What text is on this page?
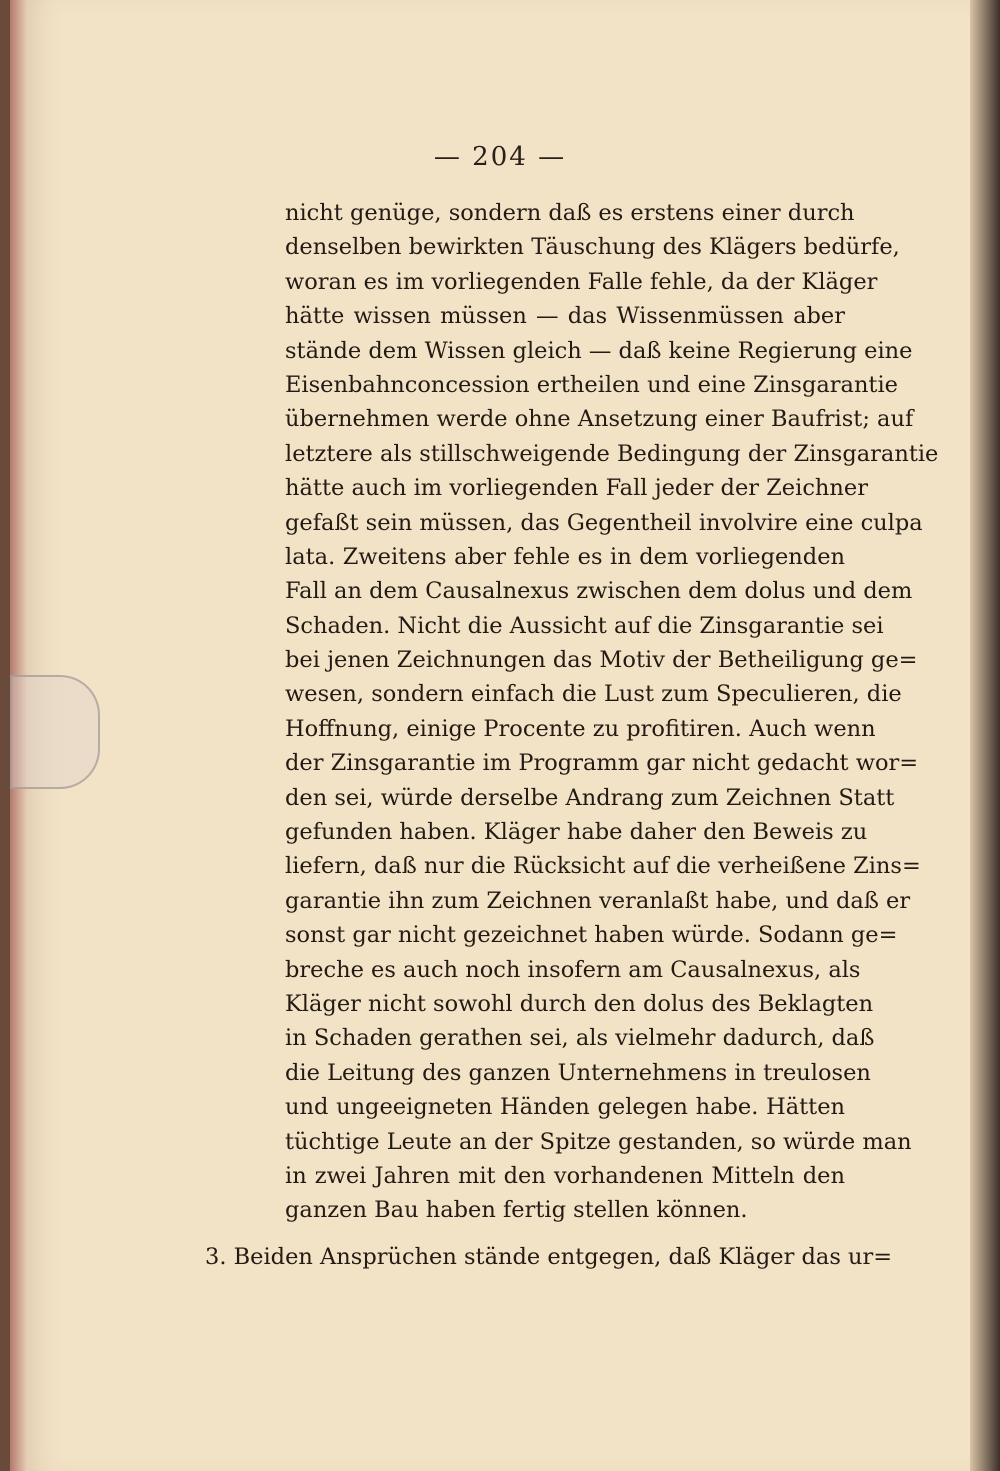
— 204 —
nicht genüge, sondern daß es erstens einer durch
denselben bewirkten Täuschung des Klägers bedürfe,
woran es im vorliegenden Falle fehle, da der Kläger
hätte wissen müssen — das Wissenmüssen aber
stände dem Wissen gleich — daß keine Regierung eine
Eisenbahnconcession ertheilen und eine Zinsgarantie
übernehmen werde ohne Ansetzung einer Baufrist; auf
letztere als stillschweigende Bedingung der Zinsgarantie
hätte auch im vorliegenden Fall jeder der Zeichner
gefaßt sein müssen, das Gegentheil involvire eine culpa
lata. Zweitens aber fehle es in dem vorliegenden
Fall an dem Causalnexus zwischen dem dolus und dem
Schaden. Nicht die Aussicht auf die Zinsgarantie sei
bei jenen Zeichnungen das Motiv der Betheiligung ge=
wesen, sondern einfach die Lust zum Speculieren, die
Hoffnung, einige Procente zu profitiren. Auch wenn
der Zinsgarantie im Programm gar nicht gedacht wor=
den sei, würde derselbe Andrang zum Zeichnen Statt
gefunden haben. Kläger habe daher den Beweis zu
liefern, daß nur die Rücksicht auf die verheißene Zins=
garantie ihn zum Zeichnen veranlaßt habe, und daß er
sonst gar nicht gezeichnet haben würde. Sodann ge=
breche es auch noch insofern am Causalnexus, als
Kläger nicht sowohl durch den dolus des Beklagten
in Schaden gerathen sei, als vielmehr dadurch, daß
die Leitung des ganzen Unternehmens in treulosen
und ungeeigneten Händen gelegen habe. Hätten
tüchtige Leute an der Spitze gestanden, so würde man
in zwei Jahren mit den vorhandenen Mitteln den
ganzen Bau haben fertig stellen können.
3. Beiden Ansprüchen stände entgegen, daß Kläger das ur=
